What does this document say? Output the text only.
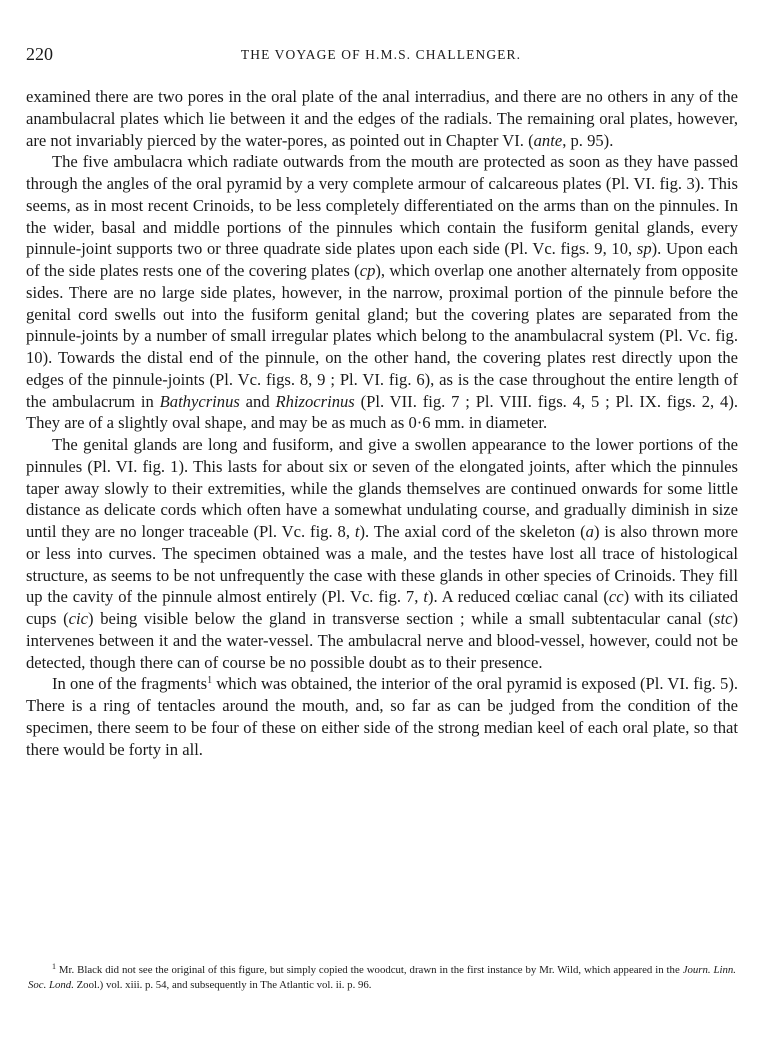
220	THE VOYAGE OF H.M.S. CHALLENGER.

examined there are two pores in the oral plate of the anal interradius, and there are no others in any of the anambulacral plates which lie between it and the edges of the radials. The remaining oral plates, however, are not invariably pierced by the water-pores, as pointed out in Chapter VI. (ante, p. 95).

The five ambulacra which radiate outwards from the mouth are protected as soon as they have passed through the angles of the oral pyramid by a very complete armour of calcareous plates (Pl. VI. fig. 3). This seems, as in most recent Crinoids, to be less completely differentiated on the arms than on the pinnules. In the wider, basal and middle portions of the pinnules which contain the fusiform genital glands, every pinnule-joint supports two or three quadrate side plates upon each side (Pl. Vc. figs. 9, 10, sp). Upon each of the side plates rests one of the covering plates (cp), which overlap one another alternately from opposite sides. There are no large side plates, however, in the narrow, proximal portion of the pinnule before the genital cord swells out into the fusiform genital gland; but the covering plates are separated from the pinnule-joints by a number of small irregular plates which belong to the anambulacral system (Pl. Vc. fig. 10). Towards the distal end of the pinnule, on the other hand, the covering plates rest directly upon the edges of the pinnule-joints (Pl. Vc. figs. 8, 9 ; Pl. VI. fig. 6), as is the case throughout the entire length of the ambulacrum in Bathycrinus and Rhizocrinus (Pl. VII. fig. 7 ; Pl. VIII. figs. 4, 5 ; Pl. IX. figs. 2, 4). They are of a slightly oval shape, and may be as much as 0·6 mm. in diameter.

The genital glands are long and fusiform, and give a swollen appearance to the lower portions of the pinnules (Pl. VI. fig. 1). This lasts for about six or seven of the elongated joints, after which the pinnules taper away slowly to their extremities, while the glands themselves are continued onwards for some little distance as delicate cords which often have a somewhat undulating course, and gradually diminish in size until they are no longer traceable (Pl. Vc. fig. 8, t). The axial cord of the skeleton (a) is also thrown more or less into curves. The specimen obtained was a male, and the testes have lost all trace of histological structure, as seems to be not unfrequently the case with these glands in other species of Crinoids. They fill up the cavity of the pinnule almost entirely (Pl. Vc. fig. 7, t). A reduced cœliac canal (cc) with its ciliated cups (cic) being visible below the gland in transverse section ; while a small subtentacular canal (stc) intervenes between it and the water-vessel. The ambulacral nerve and blood-vessel, however, could not be detected, though there can of course be no possible doubt as to their presence.

In one of the fragments$^1$ which was obtained, the interior of the oral pyramid is exposed (Pl. VI. fig. 5). There is a ring of tentacles around the mouth, and, so far as can be judged from the condition of the specimen, there seem to be four of these on either side of the strong median keel of each oral plate, so that there would be forty in all.

$^1$ Mr. Black did not see the original of this figure, but simply copied the woodcut, drawn in the first instance by Mr. Wild, which appeared in the Journ. Linn. Soc. Lond. Zool.) vol. xiii. p. 54, and subsequently in The Atlantic vol. ii. p. 96.
